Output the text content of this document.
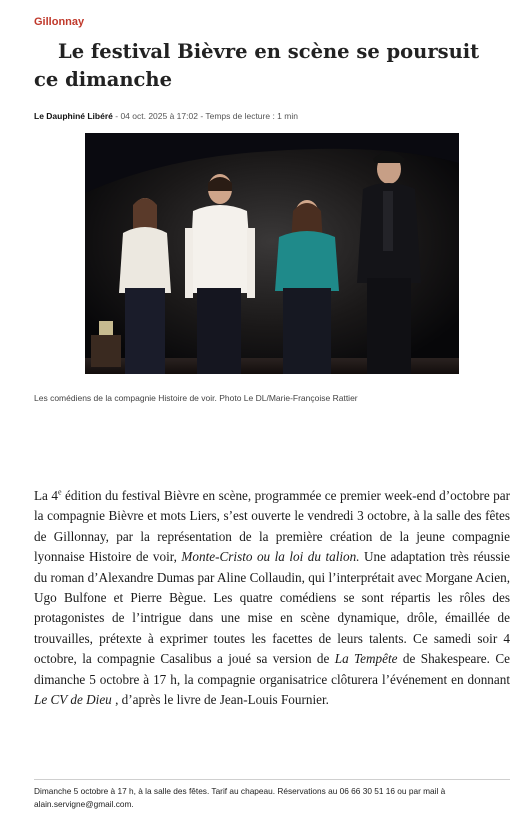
Gillonnay
Le festival Bièvre en scène se poursuit ce dimanche
Le Dauphiné Libéré - 04 oct. 2025 à 17:02 - Temps de lecture : 1 min
Les comédiens de la compagnie Histoire de voir. Photo Le DL/Marie-Françoise Rattier

La 4e édition du festival Bièvre en scène, programmée ce premier week-end d’octobre par la compagnie Bièvre et mots Liers, s’est ouverte le vendredi 3 octobre, à la salle des fêtes de Gillonnay, par la représentation de la première création de la jeune compagnie lyonnaise Histoire de voir, Monte-Cristo ou la loi du talion. Une adaptation très réussie du roman d’Alexandre Dumas par Aline Collaudin, qui l’interprétait avec Morgane Acien, Ugo Bulfone et Pierre Bègue. Les quatre comédiens se sont répartis les rôles des protagonistes de l’intrigue dans une mise en scène dynamique, drôle, émaillée de trouvailles, prétexte à exprimer toutes les facettes de leurs talents. Ce samedi soir 4 octobre, la compagnie Casalibus a joué sa version de La Tempête de Shakespeare. Ce dimanche 5 octobre à 17 h, la compagnie organisatrice clôturera l’événement en donnant Le CV de Dieu , d’après le livre de Jean-Louis Fournier.

Dimanche 5 octobre à 17 h, à la salle des fêtes. Tarif au chapeau. Réservations au 06 66 30 51 16 ou par mail à alain.servigne@gmail.com.
